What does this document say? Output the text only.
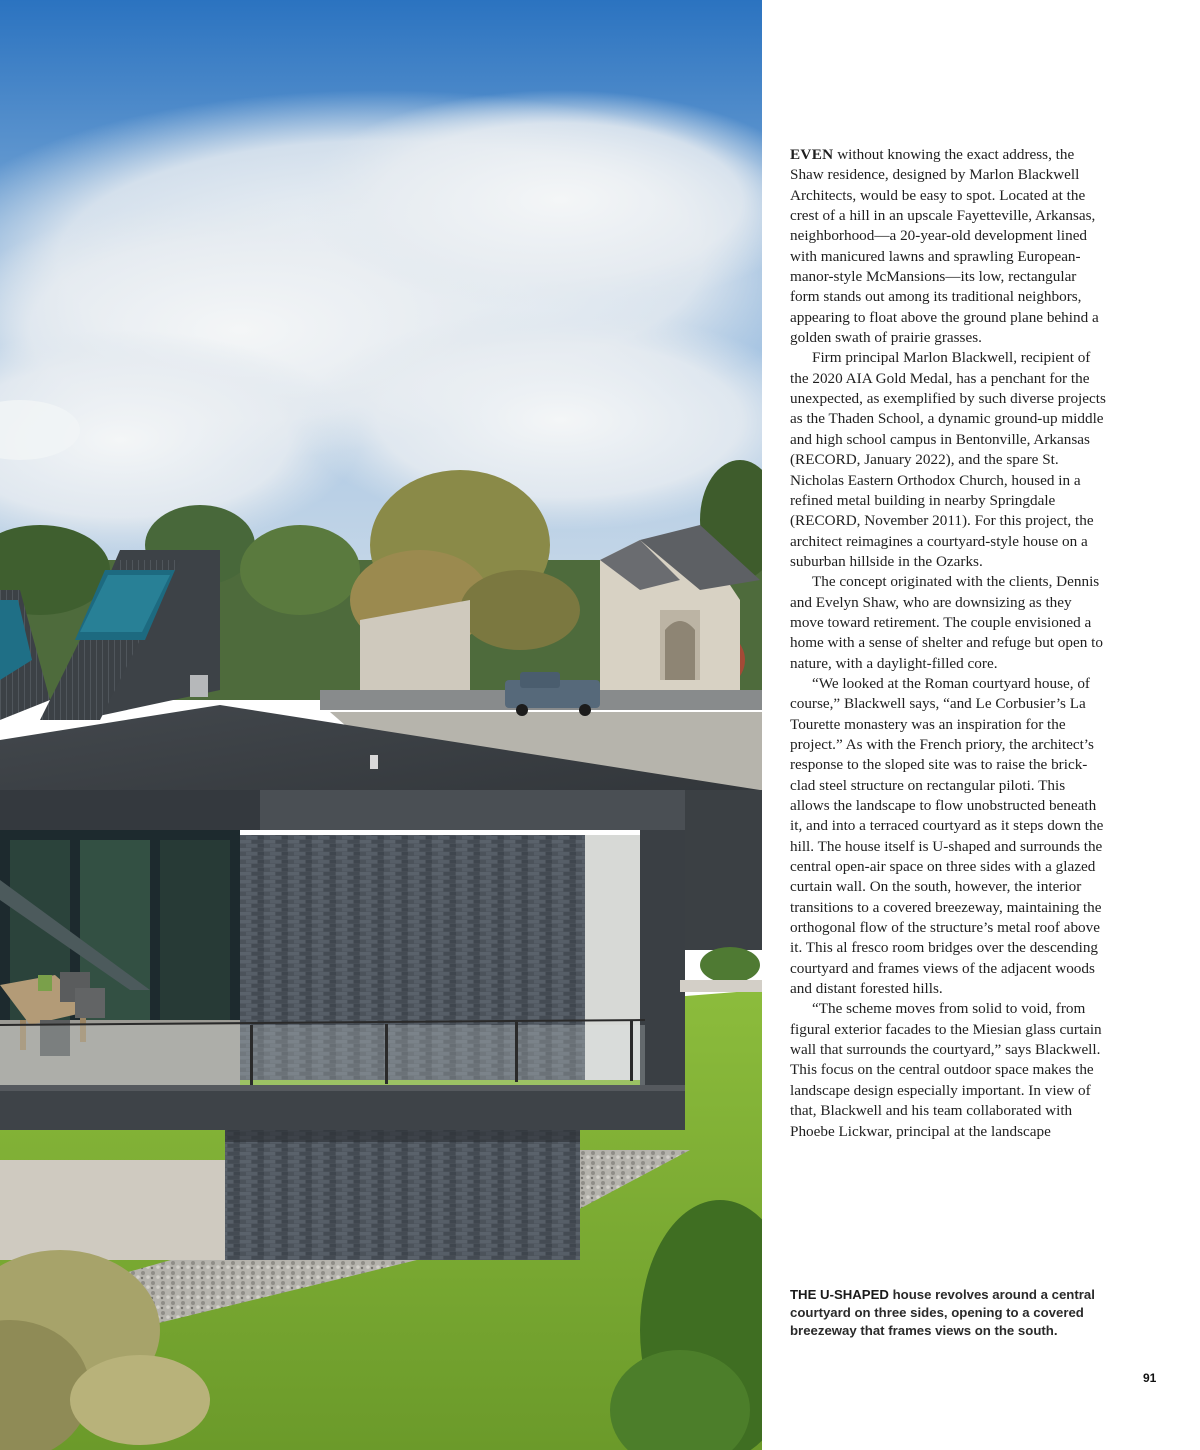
EVEN without knowing the exact address, the Shaw residence, designed by Marlon Blackwell Architects, would be easy to spot. Located at the crest of a hill in an upscale Fayetteville, Arkansas, neighborhood—a 20-year-old development lined with manicured lawns and sprawling European-manor-style McMansions—its low, rectangular form stands out among its traditional neighbors, appearing to float above the ground plane behind a golden swath of prairie grasses.

Firm principal Marlon Blackwell, recipient of the 2020 AIA Gold Medal, has a penchant for the unexpected, as exemplified by such diverse projects as the Thaden School, a dynamic ground-up middle and high school campus in Bentonville, Arkansas (RECORD, January 2022), and the spare St. Nicholas Eastern Orthodox Church, housed in a refined metal building in nearby Springdale (RECORD, November 2011). For this project, the architect reimagines a courtyard-style house on a suburban hillside in the Ozarks.

The concept originated with the clients, Dennis and Evelyn Shaw, who are downsizing as they move toward retirement. The couple envisioned a home with a sense of shelter and refuge but open to nature, with a daylight-filled core.

“We looked at the Roman courtyard house, of course,” Blackwell says, “and Le Corbusier’s La Tourette monastery was an inspiration for the project.” As with the French priory, the architect’s response to the sloped site was to raise the brick-clad steel structure on rectangular piloti. This allows the landscape to flow unobstructed beneath it, and into a terraced courtyard as it steps down the hill. The house itself is U-shaped and surrounds the central open-air space on three sides with a glazed curtain wall. On the south, however, the interior transitions to a covered breezeway, maintaining the orthogonal flow of the structure’s metal roof above it. This al fresco room bridges over the descending courtyard and frames views of the adjacent woods and distant forested hills.

“The scheme moves from solid to void, from figural exterior facades to the Miesian glass curtain wall that surrounds the courtyard,” says Blackwell. This focus on the central outdoor space makes the landscape design especially important. In view of that, Blackwell and his team collaborated with Phoebe Lickwar, principal at the landscape

THE U-SHAPED house revolves around a central courtyard on three sides, opening to a covered breezeway that frames views on the south.

91
